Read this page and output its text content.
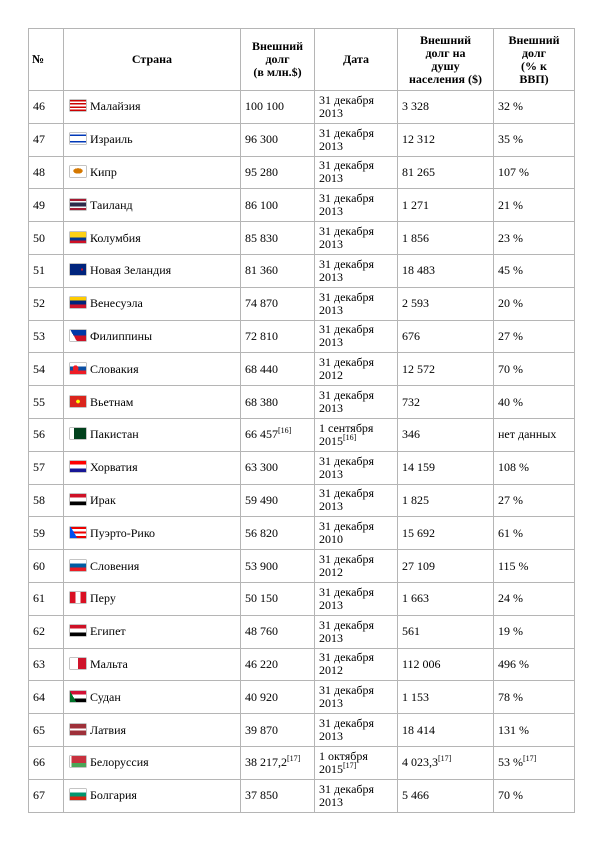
№	Страна	Внешний
долг
(в млн.$)	Дата	Внешний
долг на
душу
населения ($)	Внешний
долг
(% к
ВВП)
46	Малайзия	100 100	31 декабря
2013	3 328	32 %
47	Израиль	96 300	31 декабря
2013	12 312	35 %
48	Кипр	95 280	31 декабря
2013	81 265	107 %
49	Таиланд	86 100	31 декабря
2013	1 271	21 %
50	Колумбия	85 830	31 декабря
2013	1 856	23 %
51	Новая Зеландия	81 360	31 декабря
2013	18 483	45 %
52	Венесуэла	74 870	31 декабря
2013	2 593	20 %
53	Филиппины	72 810	31 декабря
2013	676	27 %
54	Словакия	68 440	31 декабря
2012	12 572	70 %
55	Вьетнам	68 380	31 декабря
2013	732	40 %
56	Пакистан	66 457[16]	1 сентября
2015[16]	346	нет данных
57	Хорватия	63 300	31 декабря
2013	14 159	108 %
58	Ирак	59 490	31 декабря
2013	1 825	27 %
59	Пуэрто-Рико	56 820	31 декабря
2010	15 692	61 %
60	Словения	53 900	31 декабря
2012	27 109	115 %
61	Перу	50 150	31 декабря
2013	1 663	24 %
62	Египет	48 760	31 декабря
2013	561	19 %
63	Мальта	46 220	31 декабря
2012	112 006	496 %
64	Судан	40 920	31 декабря
2013	1 153	78 %
65	Латвия	39 870	31 декабря
2013	18 414	131 %
66	Белоруссия	38 217,2[17]	1 октября
2015[17]	4 023,3[17]	53 %[17]
67	Болгария	37 850	31 декабря
2013	5 466	70 %
